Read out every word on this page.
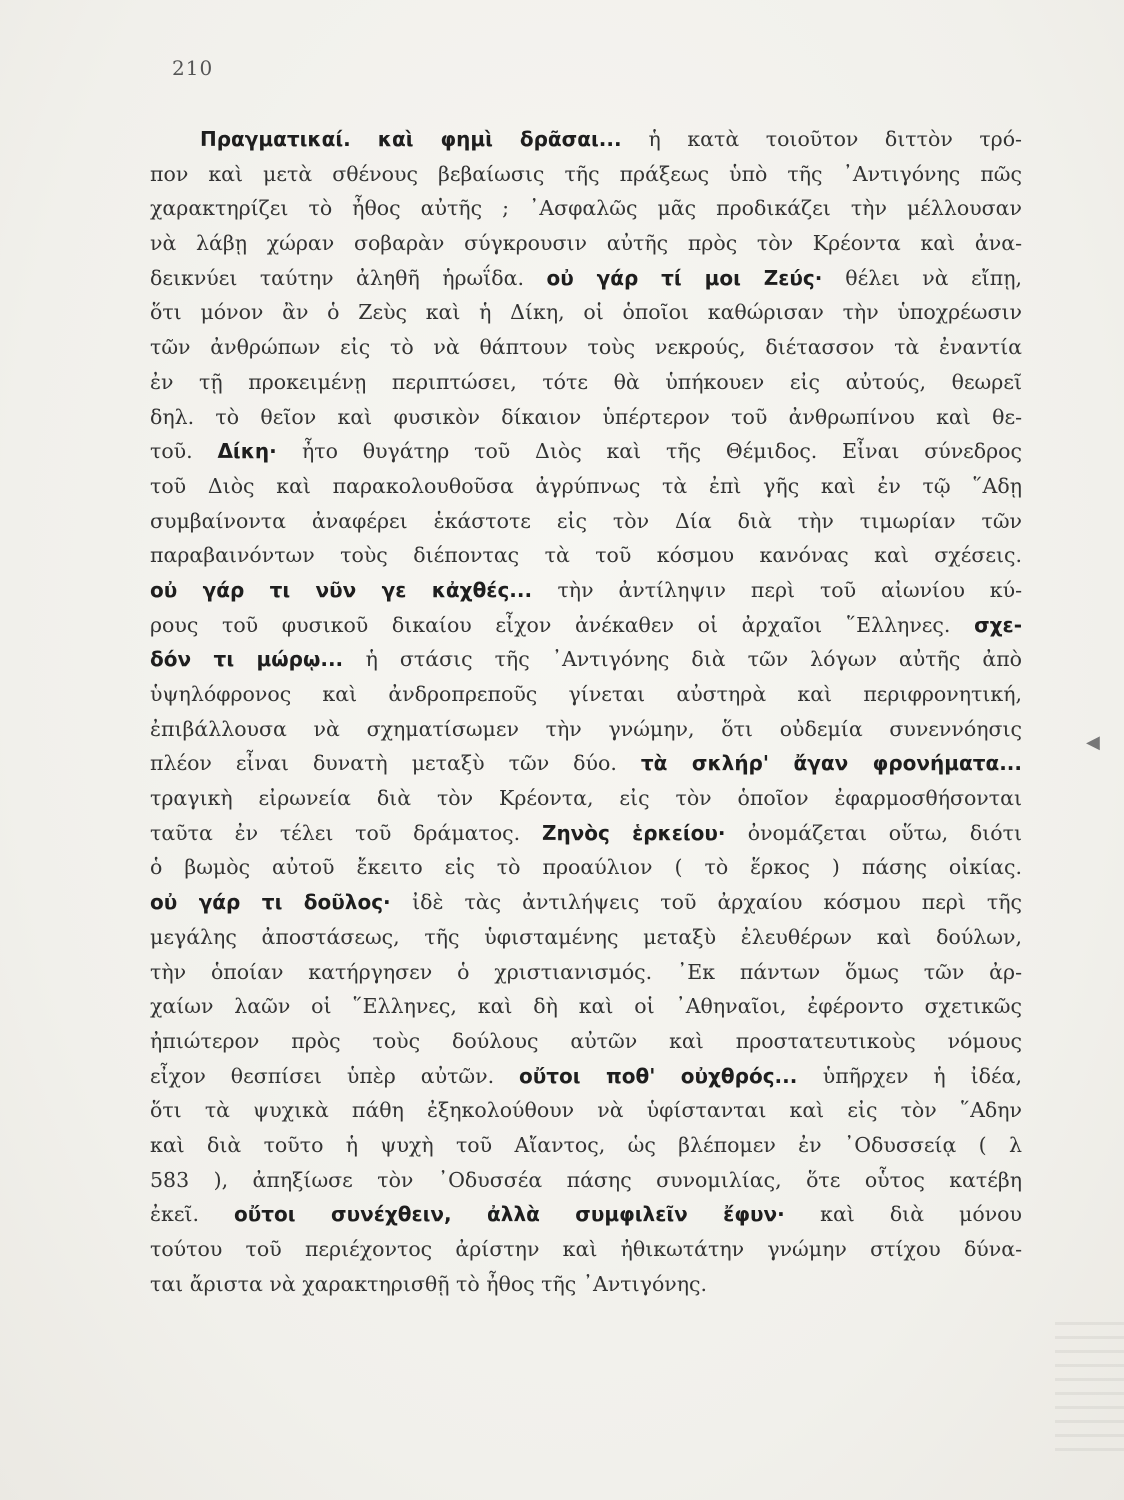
210
Πραγματικαί. καὶ φημὶ δρᾶσαι... ἡ κατὰ τοιοῦτον διττὸν τρό-
πον καὶ μετὰ σθένους βεβαίωσις τῆς πράξεως ὑπὸ τῆς ᾿Αντιγόνης πῶς
χαρακτηρίζει τὸ ἦθος αὐτῆς ; ᾿Ασφαλῶς μᾶς προδικάζει τὴν μέλλουσαν
νὰ λάβῃ χώραν σοβαρὰν σύγκρουσιν αὐτῆς πρὸς τὸν Κρέοντα καὶ ἀνα-
δεικνύει ταύτην ἀληθῆ ἡρωΐδα. οὐ γάρ τί μοι Ζεύς· θέλει νὰ εἴπῃ,
ὅτι μόνον ἂν ὁ Ζεὺς καὶ ἡ Δίκη, οἱ ὁποῖοι καθώρισαν τὴν ὑποχρέωσιν
τῶν ἀνθρώπων εἰς τὸ νὰ θάπτουν τοὺς νεκρούς, διέτασσον τὰ ἐναντία
ἐν τῇ προκειμένῃ περιπτώσει, τότε θὰ ὑπήκουεν εἰς αὐτούς, θεωρεῖ
δηλ. τὸ θεῖον καὶ φυσικὸν δίκαιον ὑπέρτερον τοῦ ἀνθρωπίνου καὶ θε-
τοῦ. Δίκη· ἦτο θυγάτηρ τοῦ Διὸς καὶ τῆς Θέμιδος. Εἶναι σύνεδρος
τοῦ Διὸς καὶ παρακολουθοῦσα ἀγρύπνως τὰ ἐπὶ γῆς καὶ ἐν τῷ ῞Αδῃ
συμβαίνοντα ἀναφέρει ἑκάστοτε εἰς τὸν Δία διὰ τὴν τιμωρίαν τῶν
παραβαινόντων τοὺς διέποντας τὰ τοῦ κόσμου κανόνας καὶ σχέσεις.
οὐ γάρ τι νῦν γε κἀχθές... τὴν ἀντίληψιν περὶ τοῦ αἰωνίου κύ-
ρους τοῦ φυσικοῦ δικαίου εἶχον ἀνέκαθεν οἱ ἀρχαῖοι ῞Ελληνες. σχε-
δόν τι μώρῳ... ἡ στάσις τῆς ᾿Αντιγόνης διὰ τῶν λόγων αὐτῆς ἀπὸ
ὑψηλόφρονος καὶ ἀνδροπρεποῦς γίνεται αὐστηρὰ καὶ περιφρονητική,
ἐπιβάλλουσα νὰ σχηματίσωμεν τὴν γνώμην, ὅτι οὐδεμία συνεννόησις
πλέον εἶναι δυνατὴ μεταξὺ τῶν δύο. τὰ σκλήρ' ἄγαν φρονήματα...
τραγικὴ εἰρωνεία διὰ τὸν Κρέοντα, εἰς τὸν ὁποῖον ἐφαρμοσθήσονται
ταῦτα ἐν τέλει τοῦ δράματος. Ζηνὸς ἑρκείου· ὀνομάζεται οὕτω, διότι
ὁ βωμὸς αὐτοῦ ἔκειτο εἰς τὸ προαύλιον ( τὸ ἕρκος ) πάσης οἰκίας.
οὐ γάρ τι δοῦλος· ἰδὲ τὰς ἀντιλήψεις τοῦ ἀρχαίου κόσμου περὶ τῆς
μεγάλης ἀποστάσεως, τῆς ὑφισταμένης μεταξὺ ἐλευθέρων καὶ δούλων,
τὴν ὁποίαν κατήργησεν ὁ χριστιανισμός. ᾿Εκ πάντων ὅμως τῶν ἀρ-
χαίων λαῶν οἱ ῞Ελληνες, καὶ δὴ καὶ οἱ ᾿Αθηναῖοι, ἐφέροντο σχετικῶς
ἠπιώτερον πρὸς τοὺς δούλους αὐτῶν καὶ προστατευτικοὺς νόμους
εἶχον θεσπίσει ὑπὲρ αὐτῶν. οὔτοι ποθ' οὐχθρός... ὑπῆρχεν ἡ ἰδέα,
ὅτι τὰ ψυχικὰ πάθη ἐξηκολούθουν νὰ ὑφίστανται καὶ εἰς τὸν ῞Αδην
καὶ διὰ τοῦτο ἡ ψυχὴ τοῦ Αἴαντος, ὡς βλέπομεν ἐν ᾿Οδυσσείᾳ ( λ
583 ), ἀπηξίωσε τὸν ᾿Οδυσσέα πάσης συνομιλίας, ὅτε οὗτος κατέβη
ἐκεῖ. οὔτοι συνέχθειν, ἀλλὰ συμφιλεῖν ἔφυν· καὶ διὰ μόνου
τούτου τοῦ περιέχοντος ἀρίστην καὶ ἠθικωτάτην γνώμην στίχου δύνα-
ται ἄριστα νὰ χαρακτηρισθῇ τὸ ἦθος τῆς ᾿Αντιγόνης.
◀
